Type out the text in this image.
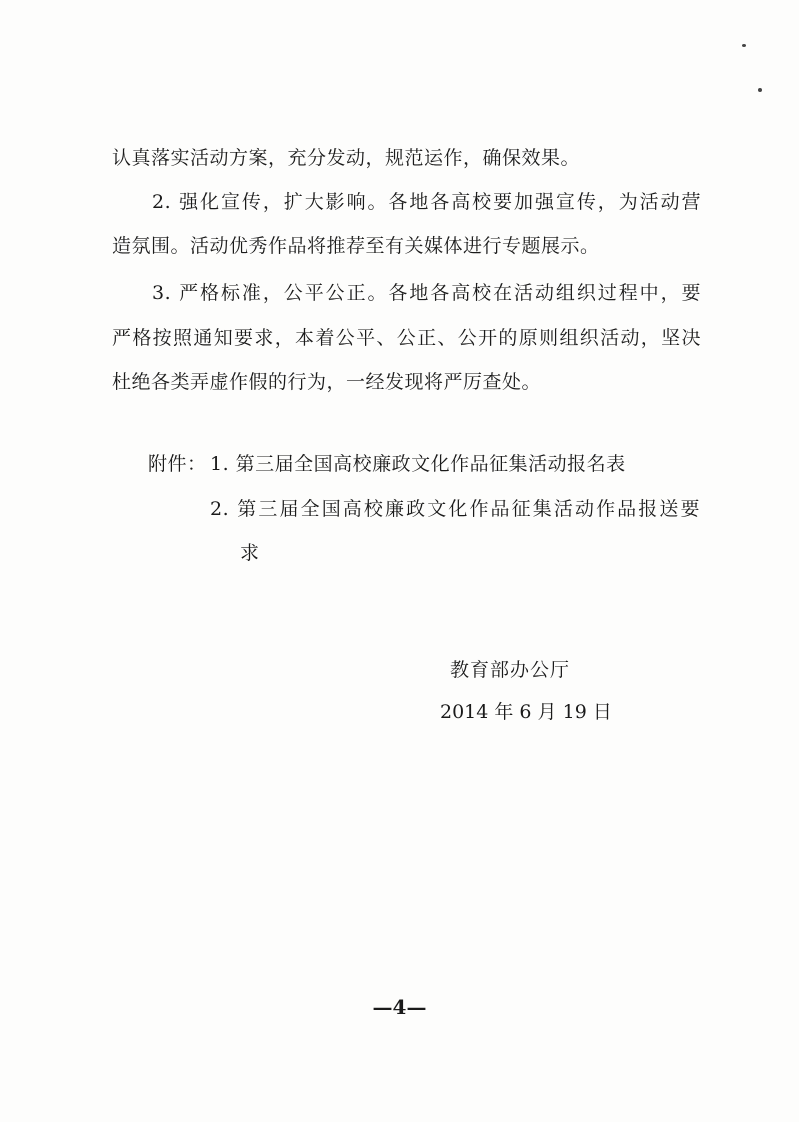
认真落实活动方案，充分发动，规范运作，确保效果。
2. 强化宣传，扩大影响。各地各高校要加强宣传，为活动营
造氛围。活动优秀作品将推荐至有关媒体进行专题展示。
3. 严格标准，公平公正。各地各高校在活动组织过程中，要
严格按照通知要求，本着公平、公正、公开的原则组织活动，坚决
杜绝各类弄虚作假的行为，一经发现将严厉查处。
附件： 1. 第三届全国高校廉政文化作品征集活动报名表
2. 第三届全国高校廉政文化作品征集活动作品报送要
求
教育部办公厅
2014 年 6 月 19 日
—4—
